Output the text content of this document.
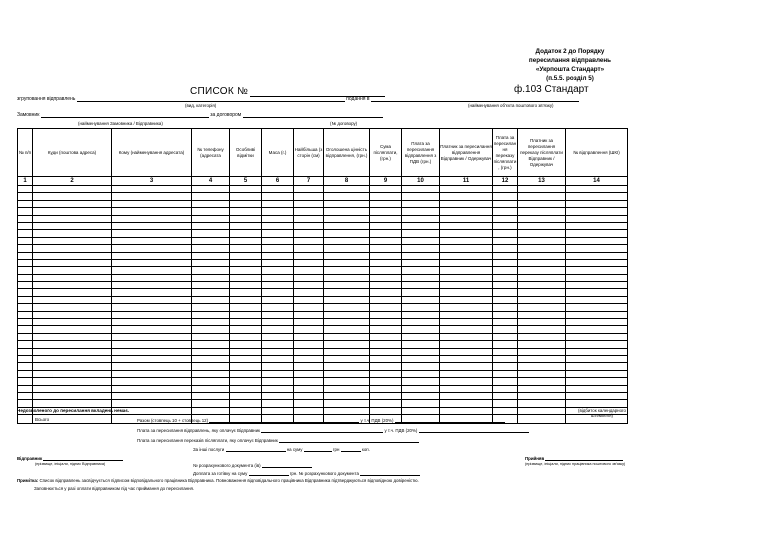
Додаток 2 до Порядку
пересилання відправлень
«Укрпошта Стандарт»
(п.5.5. розділ 5)
СПИСОК №	ф.103 Стандарт
згруповання відправлень	подання в
(вид, категорія)	(найменування об'єкта поштового зв'язку)
Замовник	за договором
(найменування Замовника / Відправника)	(№ договору)
№ п/п	Куди (поштова адреса)	Кому (найменування адресата)	№ телефону (адресата	Особливі відмітки	Маса (г.)	Найбільша (з сторін (см)	Оголошена цінність відправлення, (грн.)	Сума післяплати, (грн.)	Плата за пересилання відправлення з ПДВ (грн.)	Платник за пересилання відправлення Відправник / Одержувач	Плата за пересилан ня переказу післяплати , (грн.)	Платник за пересилання переказу післяплати Відправник / Одержувач	№ відправлення (ШКІ)
1	2	3	4	5	6	7	8	9	10	11	12	13	14

	Всього												
Недозволеного до пересилання вкладень немає.	(відбиток календарного штемпеля)
Разом (стовпець 10 + стовпець 12)	у т.ч. ПДВ (20%)
Плата за пересилання відправлень, яку оплачує Відправник	у т.ч. ПДВ (20%)
Плата за пересилання переказів післяплати, яку оплачує Відправник
За інші послуги	на суму	грн	коп.
Відправник
(прізвище, ініціали, підпис Відправника)
Прийняв
(прізвище, ініціали, підпис працівника поштового зв'язку)
№ розрахункового документа (ів)
Доплата за готівку на суму	грн. № розрахункового документа
Примітка: Список відправлень засвідчується підписом відповідального працівника Відправника. Повноваження відповідального працівника Відправника підтверджуються відповідною довіреністю.
Заповнюється у разі оплати відправником під час приймання до пересилання.
